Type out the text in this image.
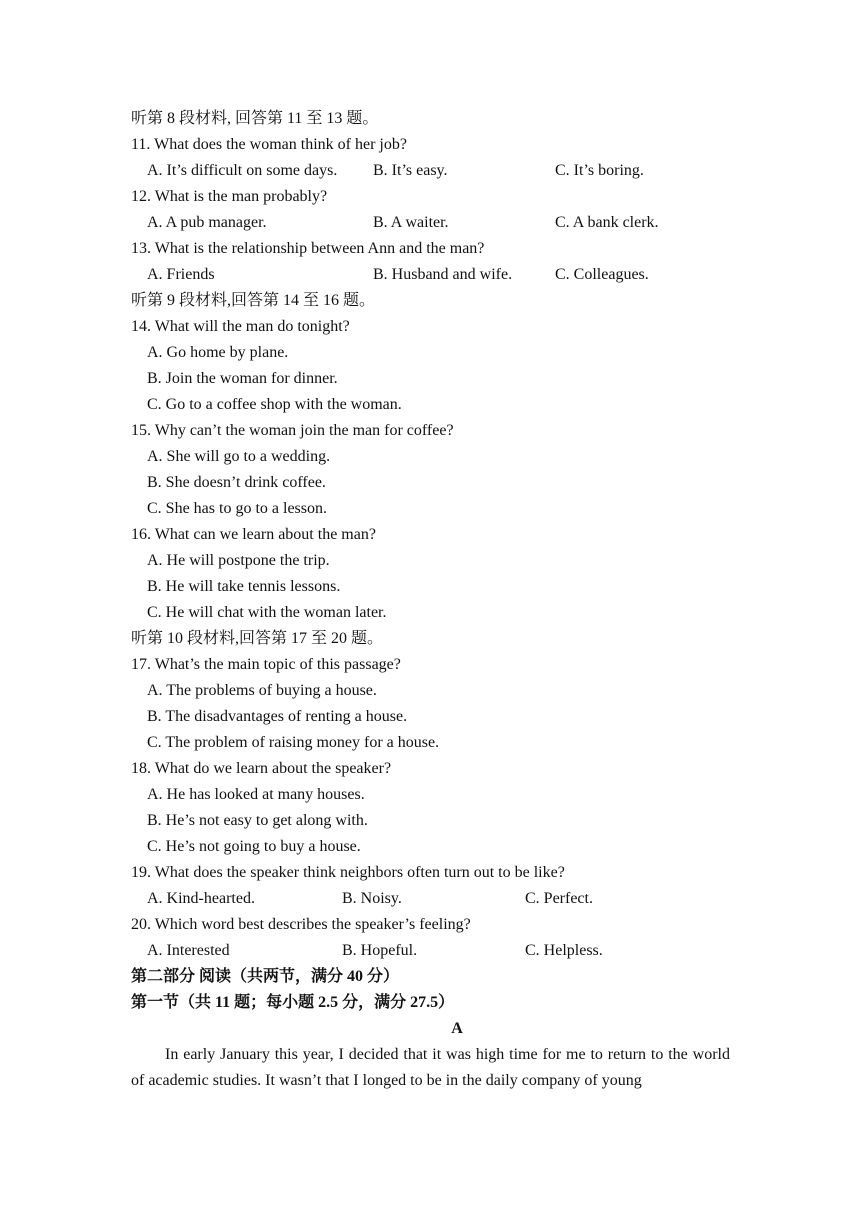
听第 8 段材料, 回答第 11 至 13 题。
11. What does the woman think of her job?
A. It’s difficult on some days. B. It’s easy.	C. It’s boring.
12. What is the man probably?
A. A pub manager.	B. A waiter.	C. A bank clerk.
13. What is the relationship between Ann and the man?
A. Friends	B. Husband and wife.	C. Colleagues.
听第 9 段材料,回答第 14 至 16 题。
14. What will the man do tonight?
A. Go home by plane.
B. Join the woman for dinner.
C. Go to a coffee shop with the woman.
15. Why can’t the woman join the man for coffee?
A. She will go to a wedding.
B. She doesn’t drink coffee.
C. She has to go to a lesson.
16. What can we learn about the man?
A. He will postpone the trip.
B. He will take tennis lessons.
C. He will chat with the woman later.
听第 10 段材料,回答第 17 至 20 题。
17. What’s the main topic of this passage?
A. The problems of buying a house.
B. The disadvantages of renting a house.
C. The problem of raising money for a house.
18. What do we learn about the speaker?
A. He has looked at many houses.
B. He’s not easy to get along with.
C. He’s not going to buy a house.
19. What does the speaker think neighbors often turn out to be like?
A. Kind-hearted.	B. Noisy.	C. Perfect.
20. Which word best describes the speaker’s feeling?
A. Interested	B. Hopeful.	C. Helpless.
第二部分 阅读（共两节，满分 40 分）
第一节（共 11 题；每小题 2.5 分，满分 27.5）
A
In early January this year, I decided that it was high time for me to return to the world of academic studies. It wasn’t that I longed to be in the daily company of young
